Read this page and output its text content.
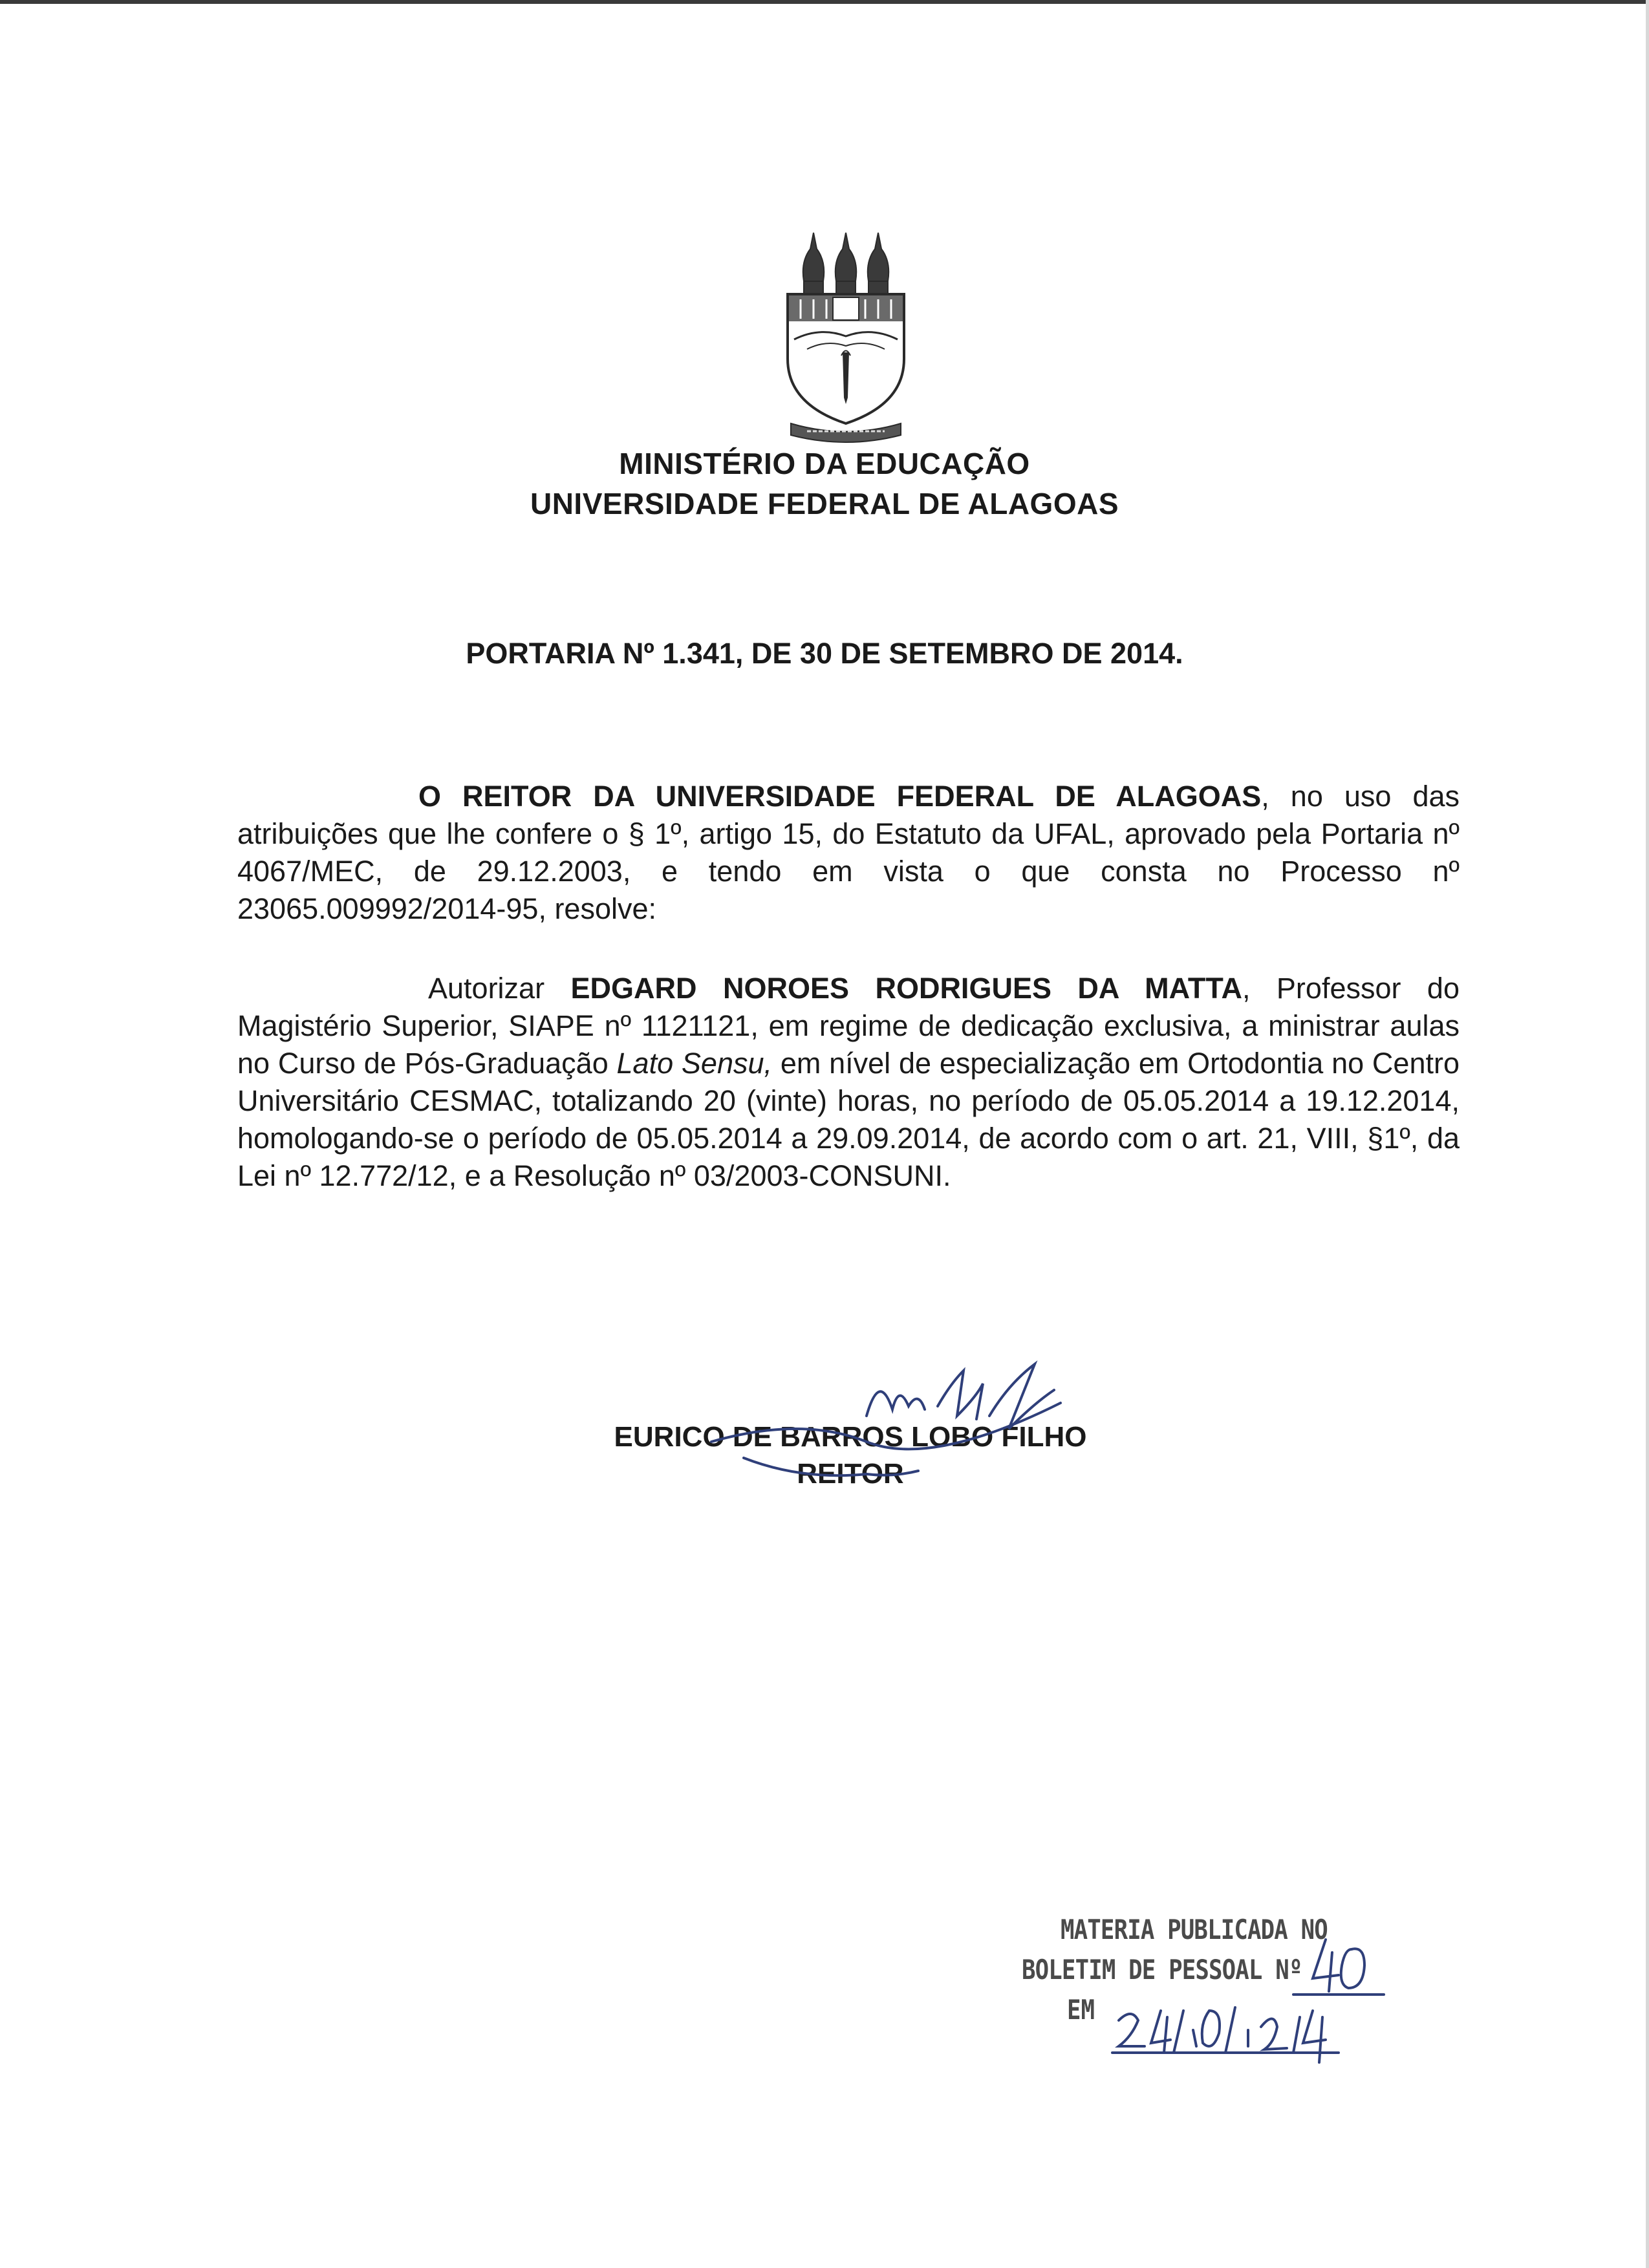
MINISTÉRIO DA EDUCAÇÃO
UNIVERSIDADE FEDERAL DE ALAGOAS
PORTARIA Nº 1.341, DE 30 DE SETEMBRO DE 2014.
O REITOR DA UNIVERSIDADE FEDERAL DE ALAGOAS, no uso das atribuições que lhe confere o § 1º, artigo 15, do Estatuto da UFAL, aprovado pela Portaria nº 4067/MEC, de 29.12.2003, e tendo em vista o que consta no Processo nº 23065.009992/2014-95, resolve:
Autorizar EDGARD NOROES RODRIGUES DA MATTA, Professor do Magistério Superior, SIAPE nº 1121121, em regime de dedicação exclusiva, a ministrar aulas no Curso de Pós-Graduação Lato Sensu, em nível de especialização em Ortodontia no Centro Universitário CESMAC, totalizando 20 (vinte) horas, no período de 05.05.2014 a 19.12.2014, homologando-se o período de 05.05.2014 a 29.09.2014, de acordo com o art. 21, VIII, §1º, da Lei nº 12.772/12, e a Resolução nº 03/2003-CONSUNI.
EURICO DE BARROS LOBO FILHO
REITOR
MATERIA PUBLICADA NO
BOLETIM DE PESSOAL Nº
EM
